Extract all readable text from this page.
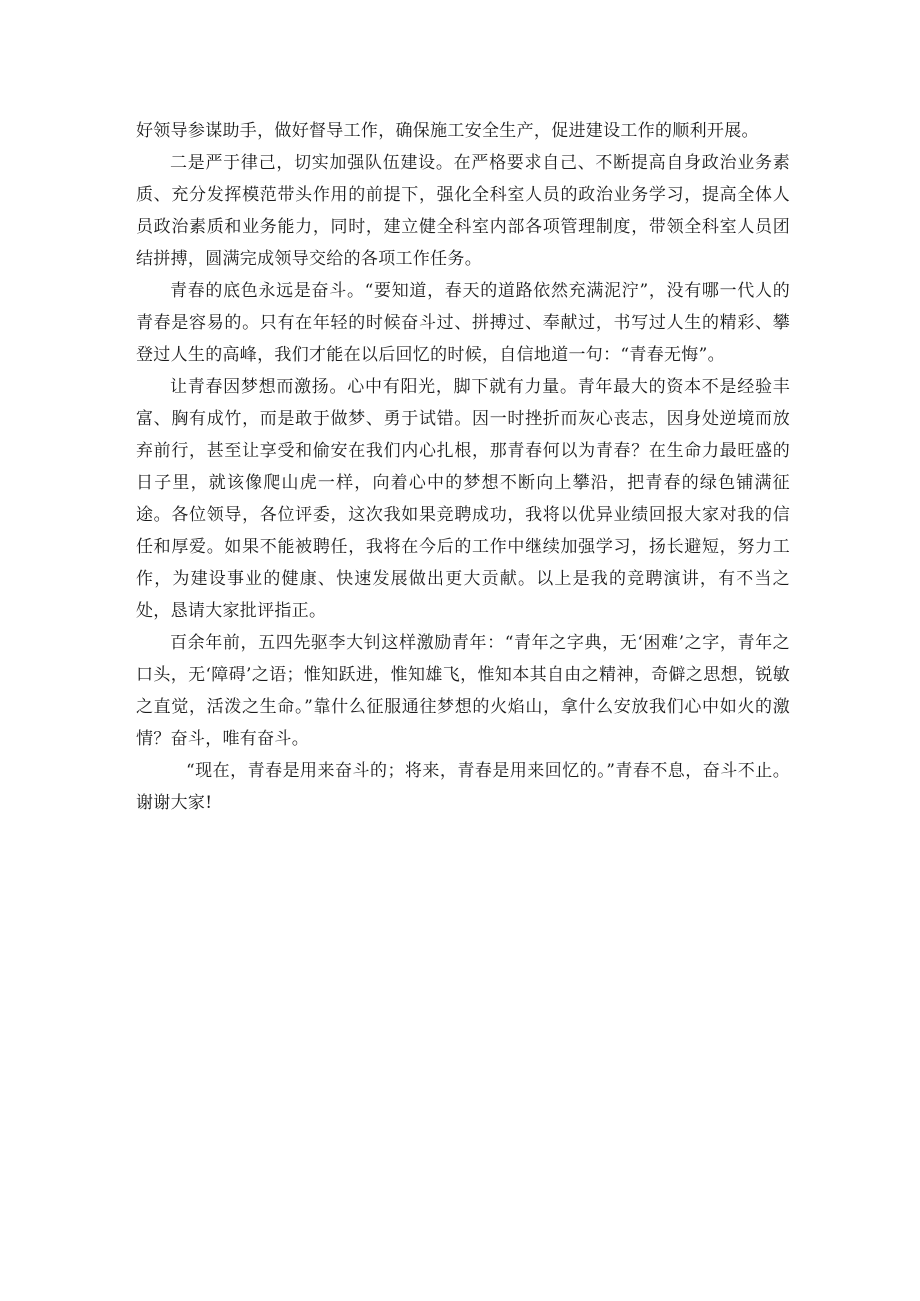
好领导参谋助手，做好督导工作，确保施工安全生产，促进建设工作的顺利开展。

二是严于律己，切实加强队伍建设。在严格要求自己、不断提高自身政治业务素质、充分发挥模范带头作用的前提下，强化全科室人员的政治业务学习，提高全体人员政治素质和业务能力，同时，建立健全科室内部各项管理制度，带领全科室人员团结拼搏，圆满完成领导交给的各项工作任务。

青春的底色永远是奋斗。“要知道，春天的道路依然充满泥泞”，没有哪一代人的青春是容易的。只有在年轻的时候奋斗过、拼搏过、奉献过，书写过人生的精彩、攀登过人生的高峰，我们才能在以后回忆的时候，自信地道一句：“青春无悔”。

让青春因梦想而激扬。心中有阳光，脚下就有力量。青年最大的资本不是经验丰富、胸有成竹，而是敢于做梦、勇于试错。因一时挫折而灰心丧志，因身处逆境而放弃前行，甚至让享受和偷安在我们内心扎根，那青春何以为青春？在生命力最旺盛的日子里，就该像爬山虎一样，向着心中的梦想不断向上攀沿，把青春的绿色铺满征途。各位领导，各位评委，这次我如果竞聘成功，我将以优异业绩回报大家对我的信任和厚爱。如果不能被聘任，我将在今后的工作中继续加强学习，扬长避短，努力工作，为建设事业的健康、快速发展做出更大贡献。以上是我的竞聘演讲，有不当之处，恳请大家批评指正。

百余年前，五四先驱李大钊这样激励青年：“青年之字典，无‘困难’之字，青年之口头，无‘障碍’之语；惟知跃进，惟知雄飞，惟知本其自由之精神，奇僻之思想，锐敏之直觉，活泼之生命。”靠什么征服通往梦想的火焰山，拿什么安放我们心中如火的激情？奋斗，唯有奋斗。

“现在，青春是用来奋斗的；将来，青春是用来回忆的。”青春不息，奋斗不止。谢谢大家!
